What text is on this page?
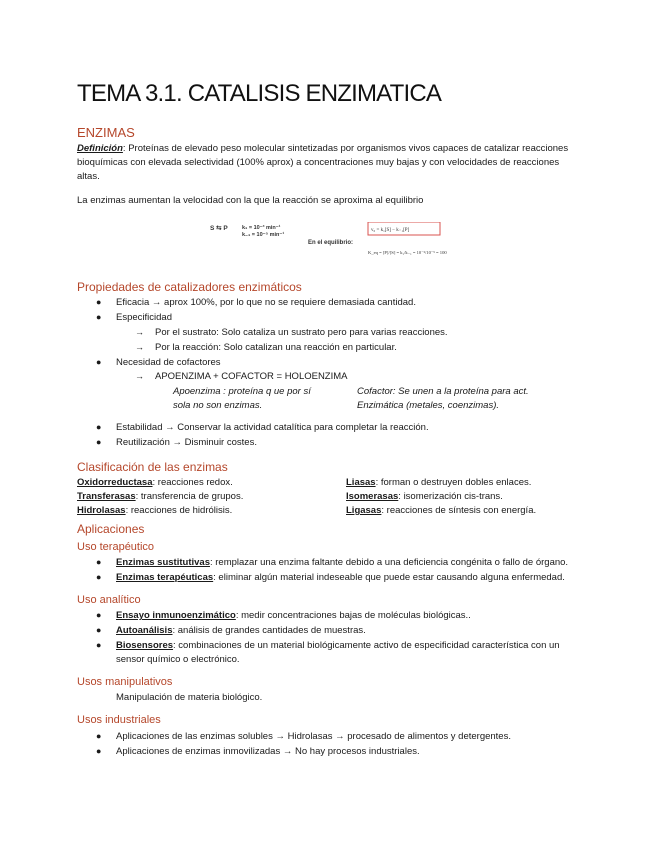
TEMA 3.1. CATALISIS ENZIMATICA
ENZIMAS
Definición: Proteínas de elevado peso molecular sintetizadas por organismos vivos capaces de catalizar reacciones bioquímicas con elevada selectividad (100% aprox) a concentraciones muy bajas y con velocidades de reacciones altas.
La enzimas aumentan la velocidad con la que la reacción se aproxima al equilibrio
S ⇆ P	k₁ = 10⁻³ min⁻¹
k₋₁ = 10⁻⁵ min⁻¹
En el equilibrio:
v₀ = k₁[S] − k₋₁[P]
K_eq = [P]/[S] = k₁/k₋₁ = 10⁻³/10⁻⁵ = 100
Propiedades de catalizadores enzimáticos
● Eficacia → aprox 100%, por lo que no se requiere demasiada cantidad.
● Especificidad
→ Por el sustrato: Solo cataliza un sustrato pero para varias reacciones.
→ Por la reacción: Solo catalizan una reacción en particular.
● Necesidad de cofactores
→ APOENZIMA + COFACTOR = HOLOENZIMA
Apoenzima : proteína q ue por sí
sola no son enzimas.
Cofactor: Se unen a la proteína para act.
Enzimática (metales, coenzimas).
● Estabilidad → Conservar la actividad catalítica para completar la reacción.
● Reutilización → Disminuir costes.
Clasificación de las enzimas
Oxidorreductasa: reacciones redox.
Transferasas: transferencia de grupos.
Hidrolasas: reacciones de hidrólisis.
Liasas: forman o destruyen dobles enlaces.
Isomerasas: isomerización cis-trans.
Ligasas: reacciones de síntesis con energía.
Aplicaciones
Uso terapéutico
● Enzimas sustitutivas: remplazar una enzima faltante debido a una deficiencia congénita o fallo de órgano.
● Enzimas terapéuticas: eliminar algún material indeseable que puede estar causando alguna enfermedad.
Uso analítico
● Ensayo inmunoenzimático: medir concentraciones bajas de moléculas biológicas..
● Autoanálisis: análisis de grandes cantidades de muestras.
● Biosensores: combinaciones de un material biológicamente activo de especificidad característica con un
sensor químico o electrónico.
Usos manipulativos
Manipulación de materia biológico.
Usos industriales
● Aplicaciones de las enzimas solubles → Hidrolasas → procesado de alimentos y detergentes.
● Aplicaciones de enzimas inmovilizadas → No hay procesos industriales.
